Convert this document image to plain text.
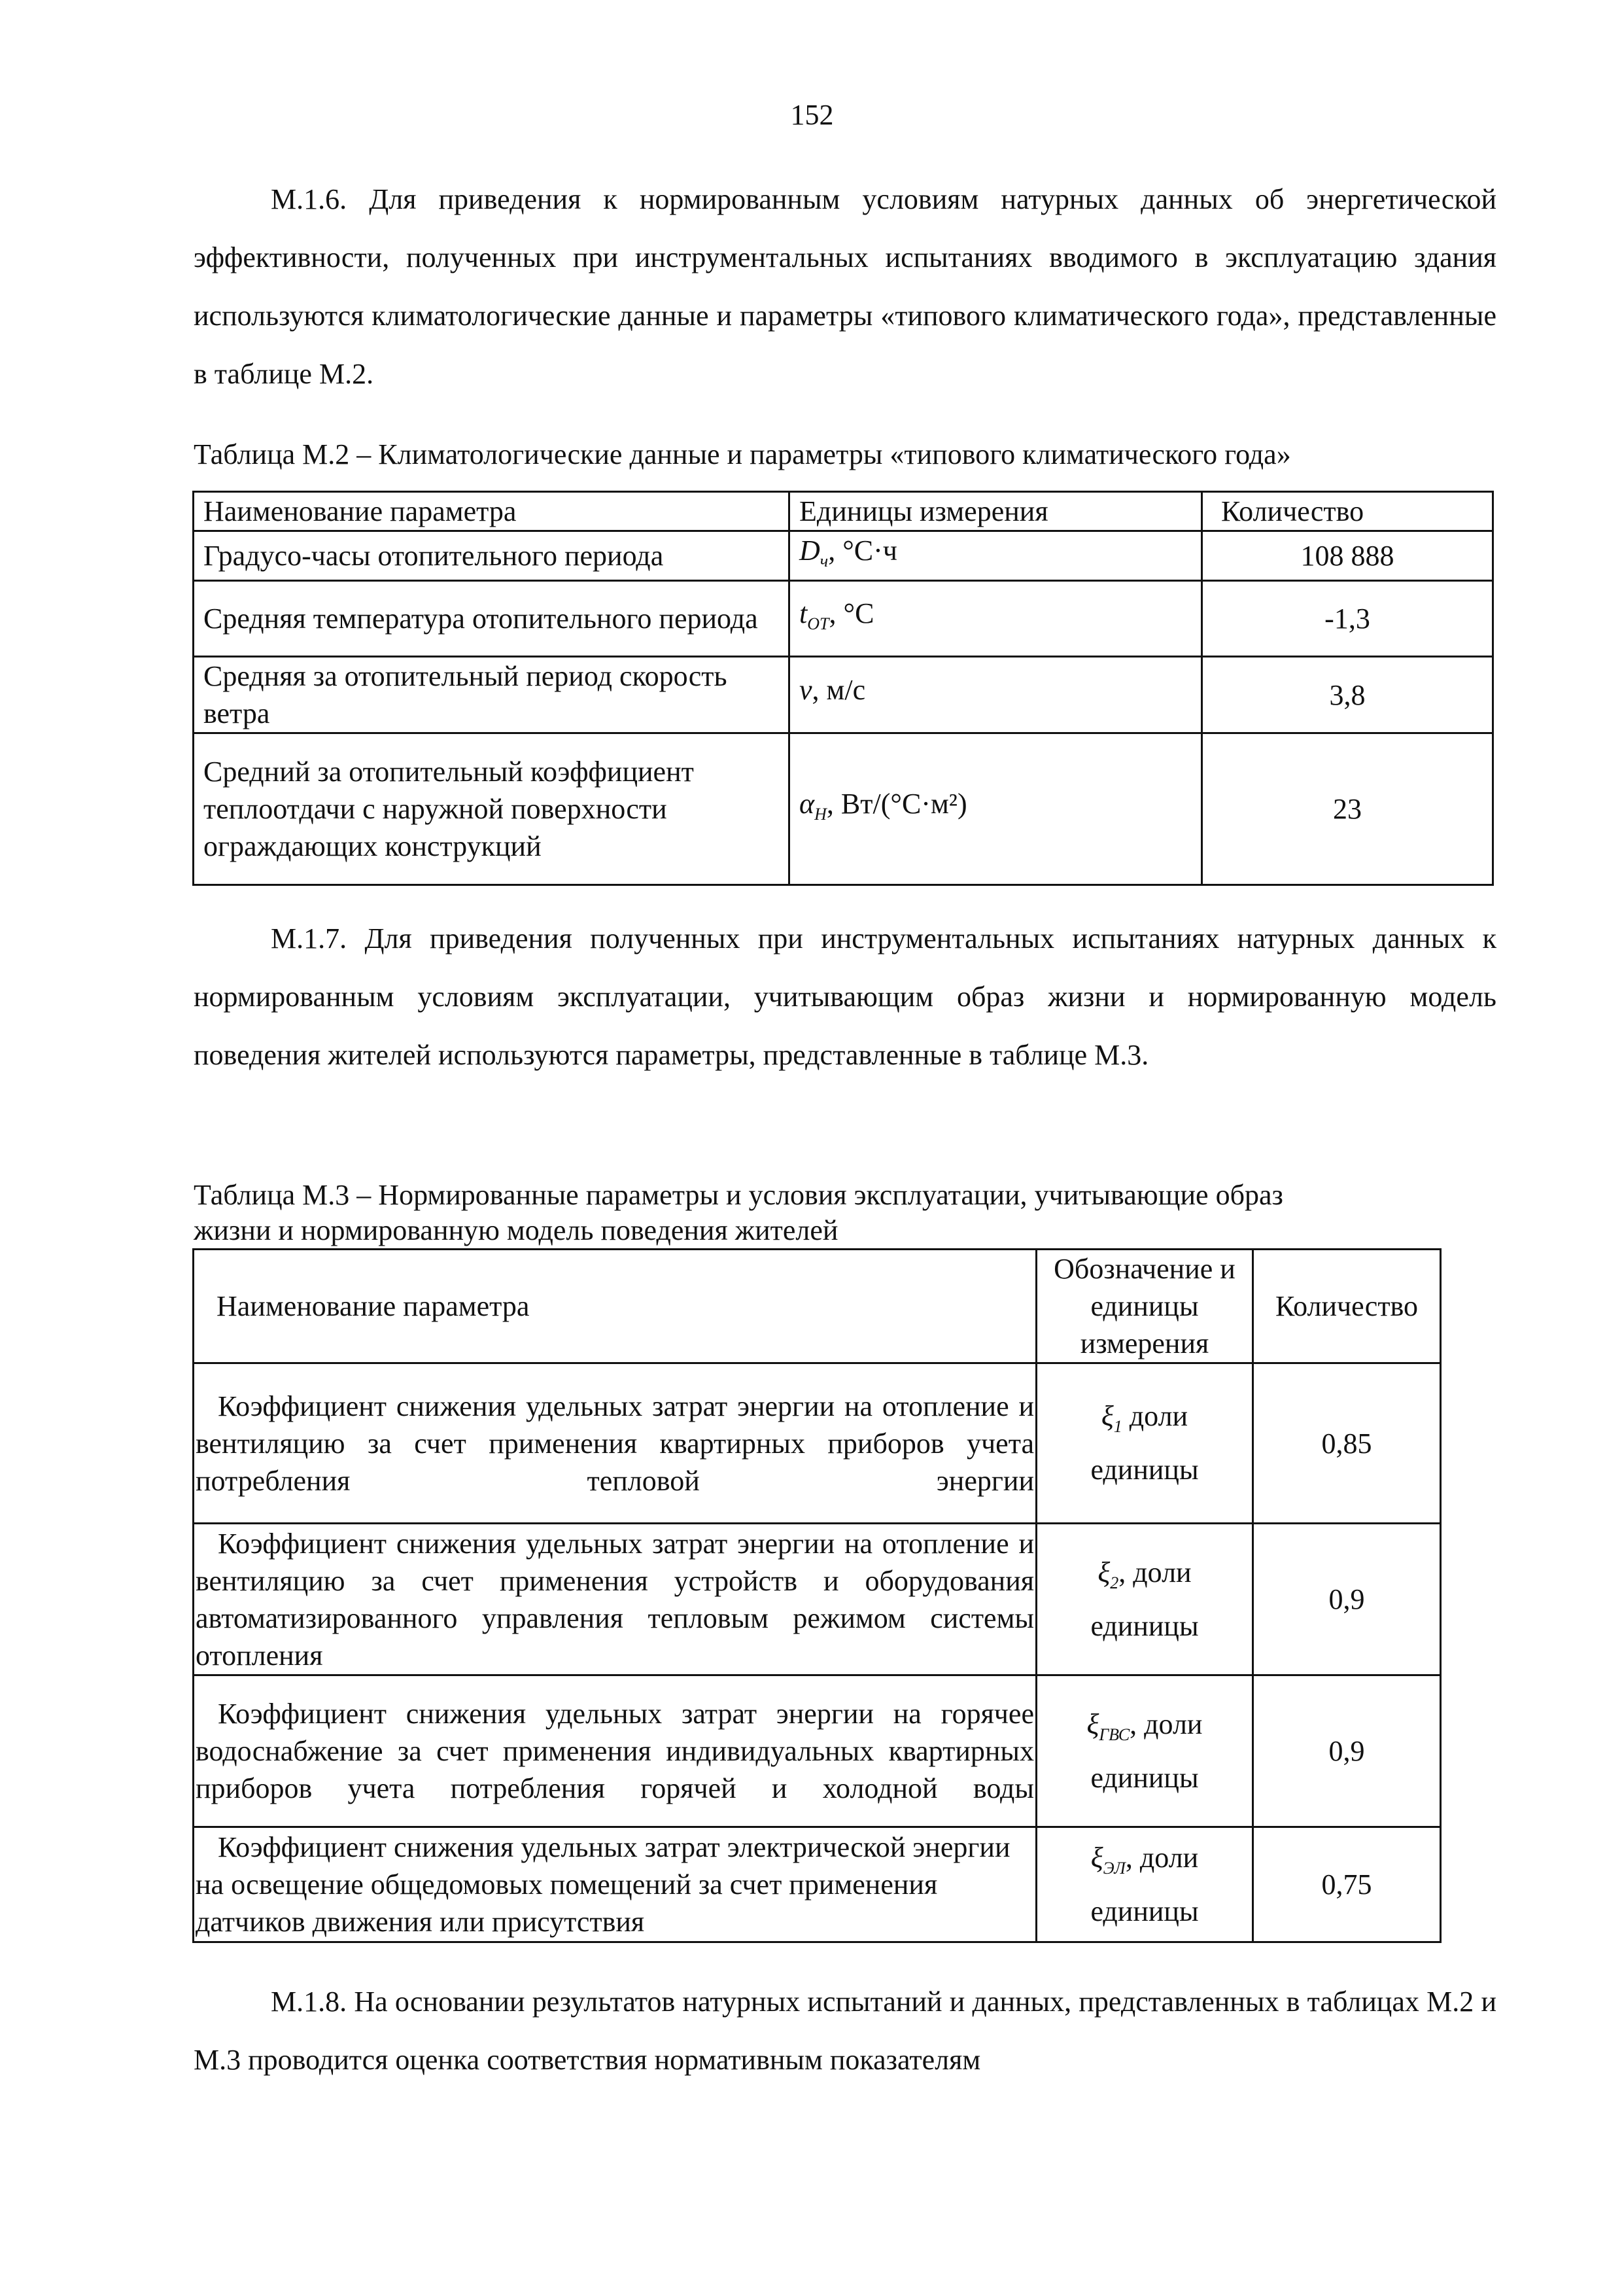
152

М.1.6. Для приведения к нормированным условиям натурных данных об энергетической эффективности, полученных при инструментальных испытаниях вводимого в эксплуатацию здания используются климатологические данные и параметры «типового климатического года», представленные в таблице М.2.

Таблица М.2 – Климатологические данные и параметры «типового климатического года»

Наименование параметра	Единицы измерения	Количество
Градусо-часы отопительного периода	$D_ч$, °С·ч	108 888
Средняя температура отопительного периода	$t_{ОТ}$, °С	-1,3
Средняя за отопительный период скорость ветра	v, м/с	3,8
Средний за отопительный коэффициент теплоотдачи с наружной поверхности ограждающих конструкций	$\alpha_Н$, Вт/(°С·м²)	23

М.1.7. Для приведения полученных при инструментальных испытаниях натурных данных к нормированным условиям эксплуатации, учитывающим образ жизни и нормированную модель поведения жителей используются параметры, представленные в таблице М.3.

Таблица М.3 – Нормированные параметры и условия эксплуатации, учитывающие образ
жизни и нормированную модель поведения жителей

Наименование параметра	Обозначение и единицы измерения	Количество
Коэффициент снижения удельных затрат энергии на отопление и вентиляцию за счет применения квартирных приборов учета потребления тепловой энергии	$\xi_1$ доли единицы	0,85
Коэффициент снижения удельных затрат энергии на отопление и вентиляцию за счет применения устройств и оборудования автоматизированного управления тепловым режимом системы отопления	$\xi_2$, доли единицы	0,9
Коэффициент снижения удельных затрат энергии на горячее водоснабжение за счет применения индивидуальных квартирных приборов учета потребления горячей и холодной воды	$\xi_{ГВС}$, доли единицы	0,9
Коэффициент снижения удельных затрат электрической энергии на освещение общедомовых помещений за счет применения датчиков движения или присутствия	$\xi_{ЭЛ}$, доли единицы	0,75

М.1.8. На основании результатов натурных испытаний и данных, представленных в таблицах М.2 и М.3 проводится оценка соответствия нормативным показателям
